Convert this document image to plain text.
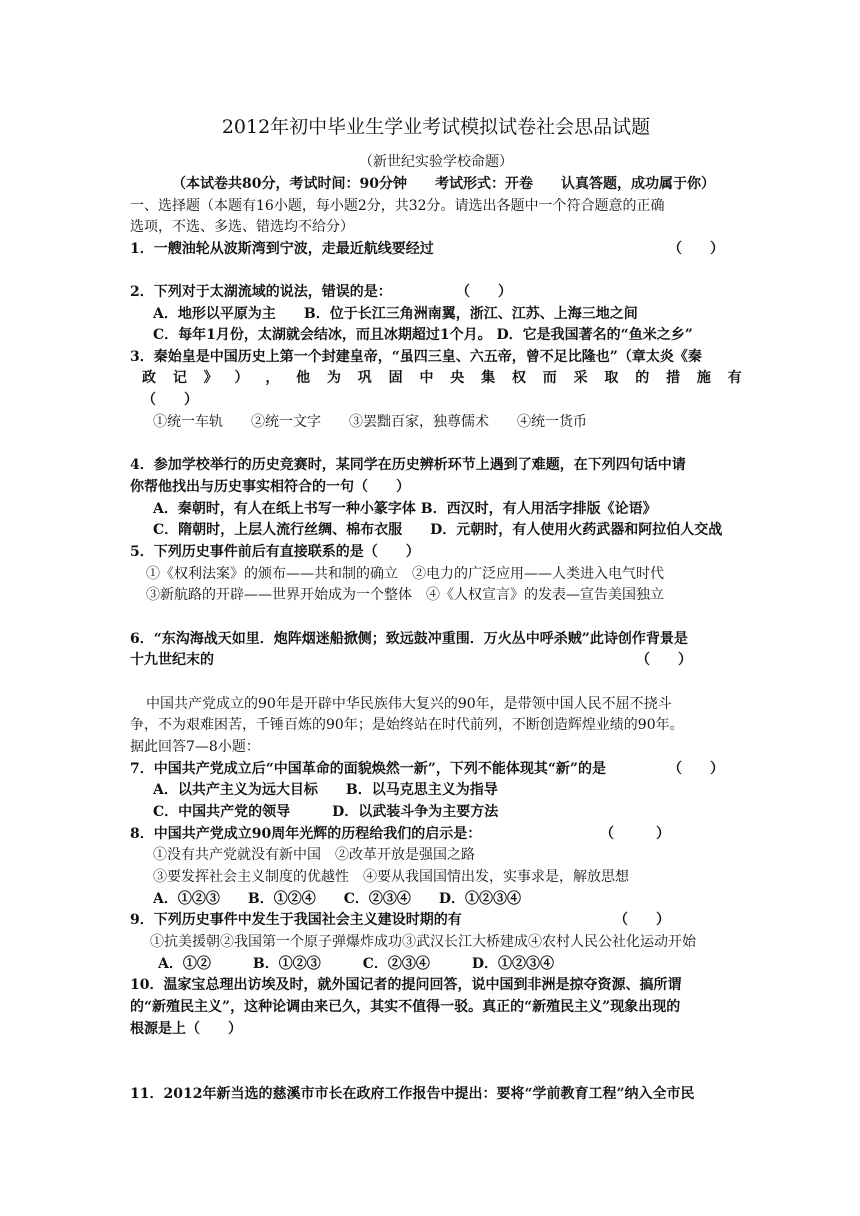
2012年初中毕业生学业考试模拟试卷社会思品试题
（新世纪实验学校命题）
（本试卷共80分，考试时间：90分钟　　考试形式：开卷　　认真答题，成功属于你）
一、选择题（本题有16小题，每小题2分，共32分。请选出各题中一个符合题意的正确
选项，不选、多选、错选均不给分）
1．一艘油轮从波斯湾到宁波，走最近航线要经过	（　　）
2．下列对于太湖流域的说法，错误的是：	（　　）
A．地形以平原为主　　B．位于长江三角洲南翼，浙江、江苏、上海三地之间
C．每年1月份，太湖就会结冰，而且冰期超过1个月。 D．它是我国著名的“鱼米之乡”
3．秦始皇是中国历史上第一个封建皇帝，“虽四三皇、六五帝，曾不足比隆也”（章太炎《秦
政 记 》 ） ， 他 为 巩 固 中 央 集 权 而 采 取 的 措 施 有
（　　）
①统一车轨　　②统一文字　　③罢黜百家，独尊儒术　　④统一货币
4．参加学校举行的历史竞赛时，某同学在历史辨析环节上遇到了难题，在下列四句话中请
你帮他找出与历史事实相符合的一句（　　）
A．秦朝时，有人在纸上书写一种小篆字体 B．西汉时，有人用活字排版《论语》
C．隋朝时，上层人流行丝绸、棉布衣服　　D．元朝时，有人使用火药武器和阿拉伯人交战
5．下列历史事件前后有直接联系的是（　　）
①《权利法案》的颁布——共和制的确立　②电力的广泛应用——人类进入电气时代
③新航路的开辟——世界开始成为一个整体　④《人权宣言》的发表—宣告美国独立
6．“东沟海战天如里．炮阵烟迷船掀侧；致远鼓冲重围．万火丛中呼杀贼”此诗创作背景是
十九世纪末的	（　　）
中国共产党成立的90年是开辟中华民族伟大复兴的90年，是带领中国人民不屈不挠斗
争，不为艰难困苦，千锤百炼的90年；是始终站在时代前列，不断创造辉煌业绩的90年。
据此回答7—8小题：
7．中国共产党成立后“中国革命的面貌焕然一新”，下列不能体现其“新”的是	（　　）
A．以共产主义为远大目标　　B．以马克思主义为指导
C．中国共产党的领导　　　D．以武装斗争为主要方法
8．中国共产党成立90周年光辉的历程给我们的启示是：	（　　　）
①没有共产党就没有新中国　②改革开放是强国之路
③要发挥社会主义制度的优越性　④要从我国国情出发，实事求是，解放思想
A．①②③　　B．①②④　　C．②③④　　D．①②③④
9．下列历史事件中发生于我国社会主义建设时期的有	（　　）
①抗美援朝②我国第一个原子弹爆炸成功③武汉长江大桥建成④农村人民公社化运动开始
A．①②　　　B．①②③　　　C．②③④　　　D．①②③④
10．温家宝总理出访埃及时，就外国记者的提问回答，说中国到非洲是掠夺资源、搞所谓
的“新殖民主义”，这种论调由来已久，其实不值得一驳。真正的“新殖民主义”现象出现的
根源是上（　　）
11．2012年新当选的慈溪市市长在政府工作报告中提出：要将“学前教育工程”纳入全市民
